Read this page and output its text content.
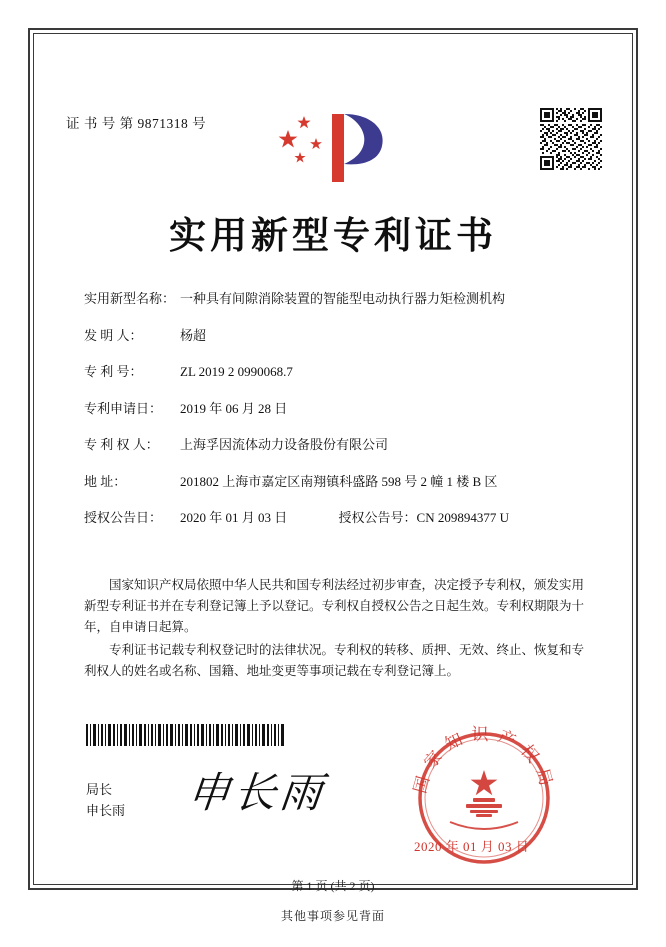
证 书 号 第 9871318 号
实用新型专利证书
实用新型名称： 一种具有间隙消除装置的智能型电动执行器力矩检测机构
发 明 人：	杨超
专 利 号：	ZL 2019 2 0990068.7
专利申请日： 2019 年 06 月 28 日
专 利 权 人： 上海孚因流体动力设备股份有限公司
地 址：	201802 上海市嘉定区南翔镇科盛路 598 号 2 幢 1 楼 B 区
授权公告日： 2020 年 01 月 03 日	授权公告号：CN 209894377 U
国家知识产权局依照中华人民共和国专利法经过初步审查，决定授予专利权，颁发实用新型专利证书并在专利登记簿上予以登记。专利权自授权公告之日起生效。专利权期限为十年，自申请日起算。
专利证书记载专利权登记时的法律状况。专利权的转移、质押、无效、终止、恢复和专利权人的姓名或名称、国籍、地址变更等事项记载在专利登记簿上。
局长
申长雨 申长雨	国家知识产权局
2020 年 01 月 03 日
第 1 页 (共 2 页)
其他事项参见背面
